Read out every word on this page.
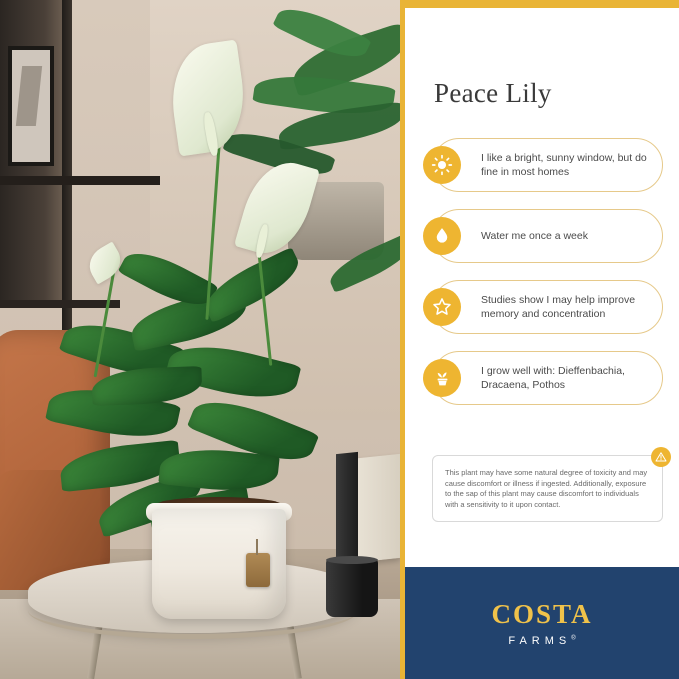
Peace Lily
I like a bright, sunny window, but do fine in most homes
Water me once a week
Studies show I may help improve memory and concentration
I grow well with: Dieffenbachia, Dracaena, Pothos
This plant may have some natural degree of toxicity and may cause discomfort or illness if ingested. Additionally, exposure to the sap of this plant may cause discomfort to individuals with a sensitivity to it upon contact.
COSTA
FARMS®
